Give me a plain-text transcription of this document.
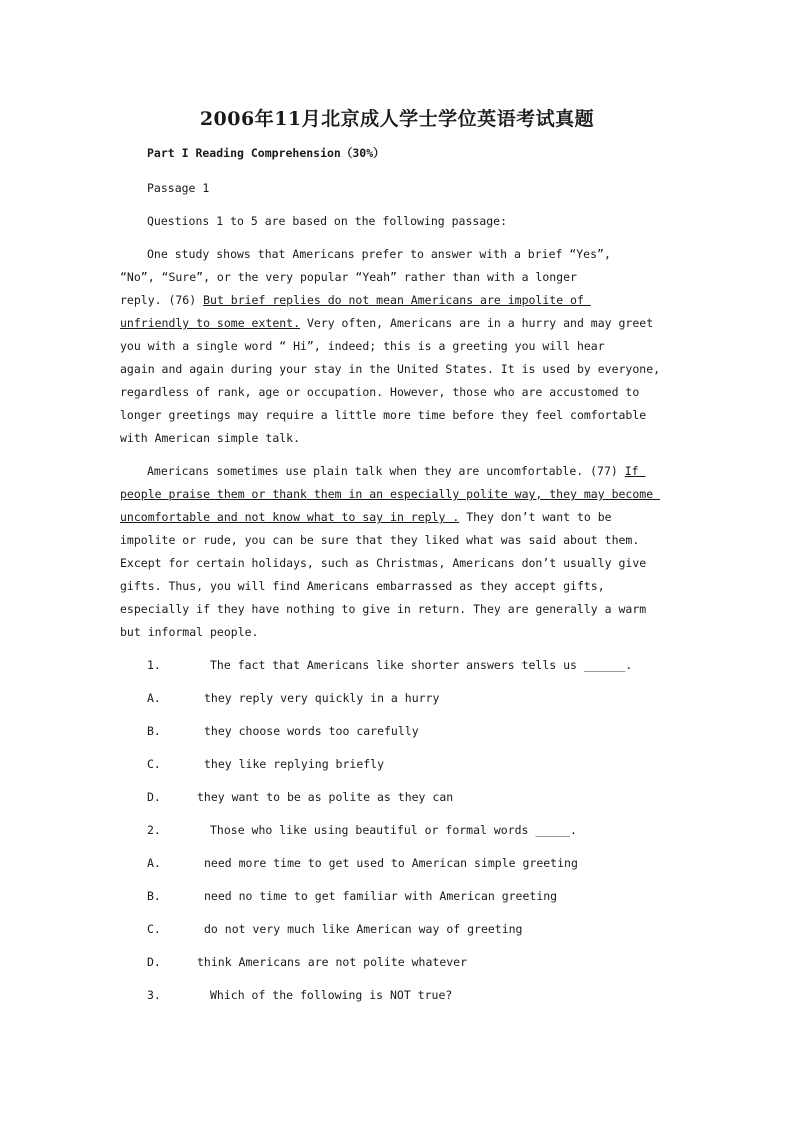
2006年11月北京成人学士学位英语考试真题
Part I Reading Comprehension（30%）
Passage 1
Questions 1 to 5 are based on the following passage:
One study shows that Americans prefer to answer with a brief “Yes”,
“No”, “Sure”, or the very popular “Yeah” rather than with a longer
reply. (76) But brief replies do not mean Americans are impolite of
unfriendly to some extent. Very often, Americans are in a hurry and may greet
you with a single word “ Hi”, indeed; this is a greeting you will hear
again and again during your stay in the United States. It is used by everyone,
regardless of rank, age or occupation. However, those who are accustomed to
longer greetings may require a little more time before they feel comfortable
with American simple talk.
Americans sometimes use plain talk when they are uncomfortable. (77) If
people praise them or thank them in an especially polite way, they may become
uncomfortable and not know what to say in reply . They don’t want to be
impolite or rude, you can be sure that they liked what was said about them.
Except for certain holidays, such as Christmas, Americans don’t usually give
gifts. Thus, you will find Americans embarrassed as they accept gifts,
especially if they have nothing to give in return. They are generally a warm
but informal people.
1.	The fact that Americans like shorter answers tells us ______.
A.	they reply very quickly in a hurry
B.	they choose words too carefully
C.	they like replying briefly
D.	they want to be as polite as they can
2.	Those who like using beautiful or formal words _____.
A.	need more time to get used to American simple greeting
B.	need no time to get familiar with American greeting
C.	do not very much like American way of greeting
D.	think Americans are not polite whatever
3.	Which of the following is NOT true?
